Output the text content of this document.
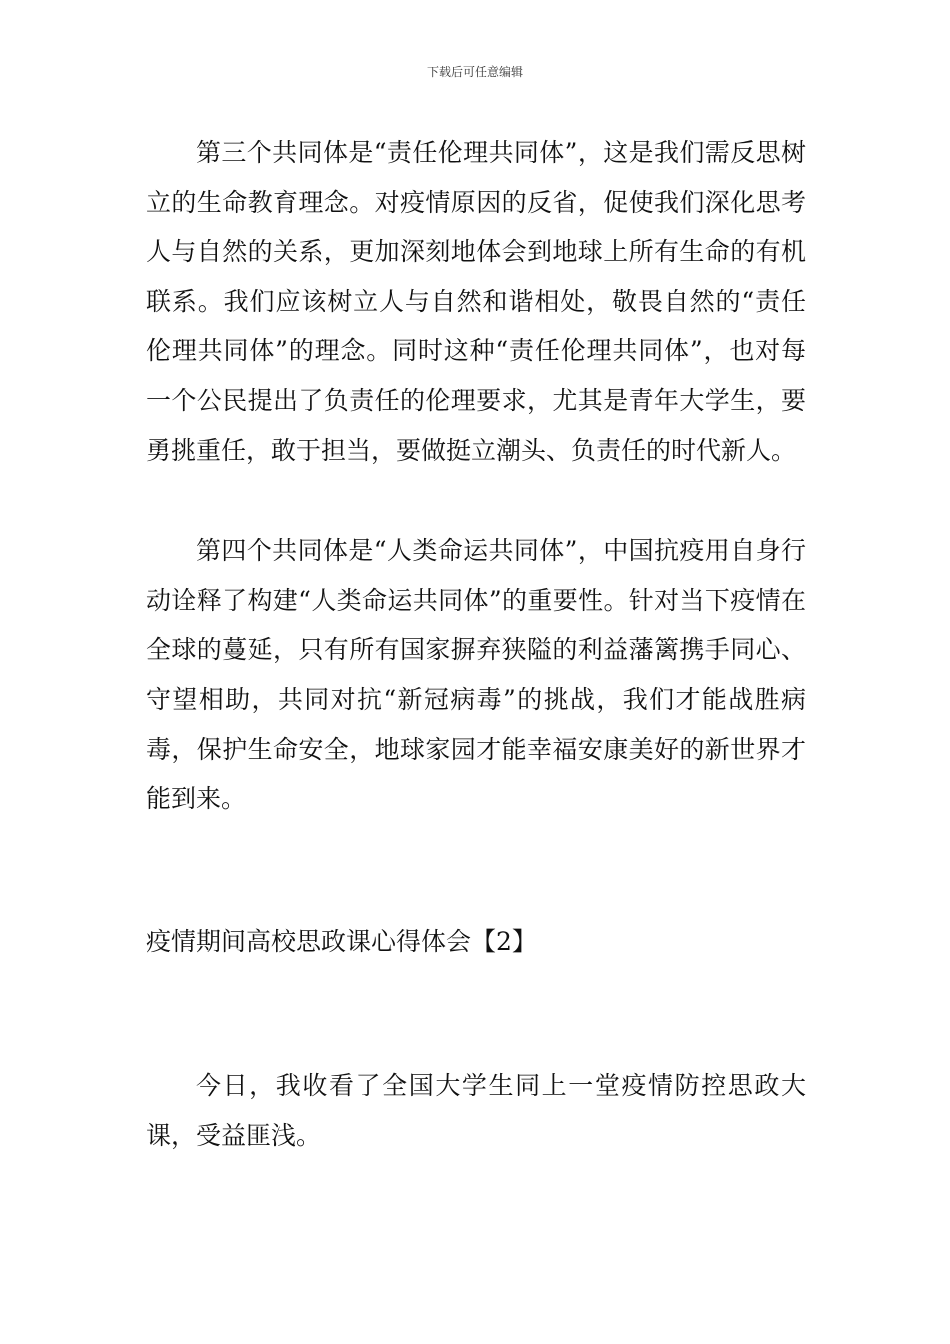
下载后可任意编辑

第三个共同体是“责任伦理共同体”，这是我们需反思树立的生命教育理念。对疫情原因的反省，促使我们深化思考人与自然的关系，更加深刻地体会到地球上所有生命的有机联系。我们应该树立人与自然和谐相处，敬畏自然的“责任伦理共同体”的理念。同时这种“责任伦理共同体”，也对每一个公民提出了负责任的伦理要求，尤其是青年大学生，要勇挑重任，敢于担当，要做挺立潮头、负责任的时代新人。

第四个共同体是“人类命运共同体”，中国抗疫用自身行动诠释了构建“人类命运共同体”的重要性。针对当下疫情在全球的蔓延，只有所有国家摒弃狭隘的利益藩篱携手同心、守望相助，共同对抗“新冠病毒”的挑战，我们才能战胜病毒，保护生命安全，地球家园才能幸福安康美好的新世界才能到来。

疫情期间高校思政课心得体会【2】

今日，我收看了全国大学生同上一堂疫情防控思政大课，受益匪浅。
